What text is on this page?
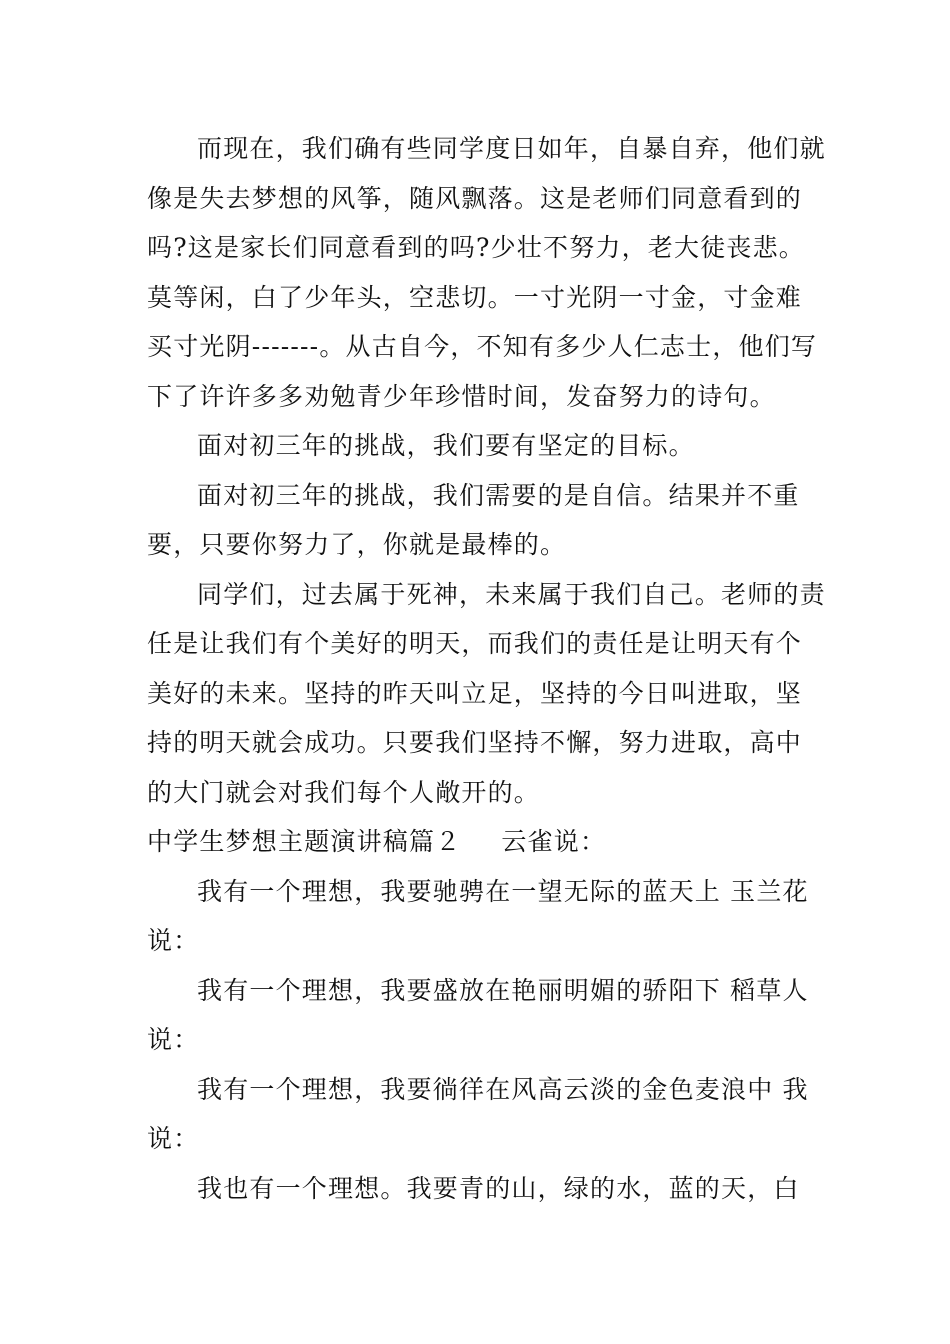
而现在，我们确有些同学度日如年，自暴自弃，他们就像是失去梦想的风筝，随风飘落。这是老师们同意看到的吗?这是家长们同意看到的吗?少壮不努力，老大徒丧悲。莫等闲，白了少年头，空悲切。一寸光阴一寸金，寸金难买寸光阴-------。从古自今，不知有多少人仁志士，他们写下了许许多多劝勉青少年珍惜时间，发奋努力的诗句。

面对初三年的挑战，我们要有坚定的目标。

面对初三年的挑战，我们需要的是自信。结果并不重要，只要你努力了，你就是最棒的。

同学们，过去属于死神，未来属于我们自己。老师的责任是让我们有个美好的明天，而我们的责任是让明天有个美好的未来。坚持的昨天叫立足，坚持的今日叫进取，坚持的明天就会成功。只要我们坚持不懈，努力进取，高中的大门就会对我们每个人敞开的。

中学生梦想主题演讲稿篇２ 云雀说：

我有一个理想，我要驰骋在一望无际的蓝天上 玉兰花说：

我有一个理想，我要盛放在艳丽明媚的骄阳下 稻草人说：

我有一个理想，我要徜徉在风高云淡的金色麦浪中 我说：

我也有一个理想。我要青的山，绿的水，蓝的天，白
